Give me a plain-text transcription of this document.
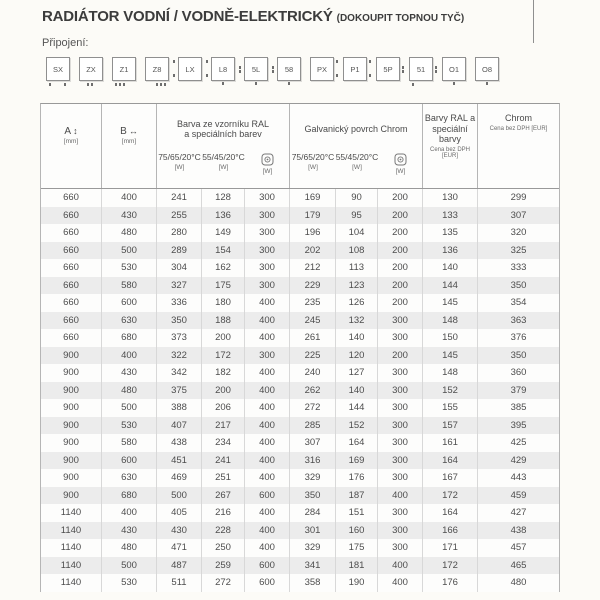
RADIÁTOR VODNÍ / VODNĚ-ELEKTRICKÝ (DOKOUPIT TOPNOU TYČ)
Připojení:
SX	ZX	Z1	Z8	LX	L8	5L	58	PX	P1	5P	51	O1	O8
A ↕
[mm]
B ↔
[mm]
Barva ze vzorníku RAL
a speciálních barev
75/65/20°C
[W]
55/45/20°C
[W]
[W]
Galvanický povrch Chrom
75/65/20°C
[W]
55/45/20°C
[W]
[W]
Barvy RAL a
speciální barvy
Cena bez DPH [EUR]
Chrom
Cena bez DPH [EUR]
660	400	241	128	300	169	90	200	130	299
660	430	255	136	300	179	95	200	133	307
660	480	280	149	300	196	104	200	135	320
660	500	289	154	300	202	108	200	136	325
660	530	304	162	300	212	113	200	140	333
660	580	327	175	300	229	123	200	144	350
660	600	336	180	400	235	126	200	145	354
660	630	350	188	400	245	132	300	148	363
660	680	373	200	400	261	140	300	150	376
900	400	322	172	300	225	120	200	145	350
900	430	342	182	400	240	127	300	148	360
900	480	375	200	400	262	140	300	152	379
900	500	388	206	400	272	144	300	155	385
900	530	407	217	400	285	152	300	157	395
900	580	438	234	400	307	164	300	161	425
900	600	451	241	400	316	169	300	164	429
900	630	469	251	400	329	176	300	167	443
900	680	500	267	600	350	187	400	172	459
1140	400	405	216	400	284	151	300	164	427
1140	430	430	228	400	301	160	300	166	438
1140	480	471	250	400	329	175	300	171	457
1140	500	487	259	600	341	181	400	172	465
1140	530	511	272	600	358	190	400	176	480
